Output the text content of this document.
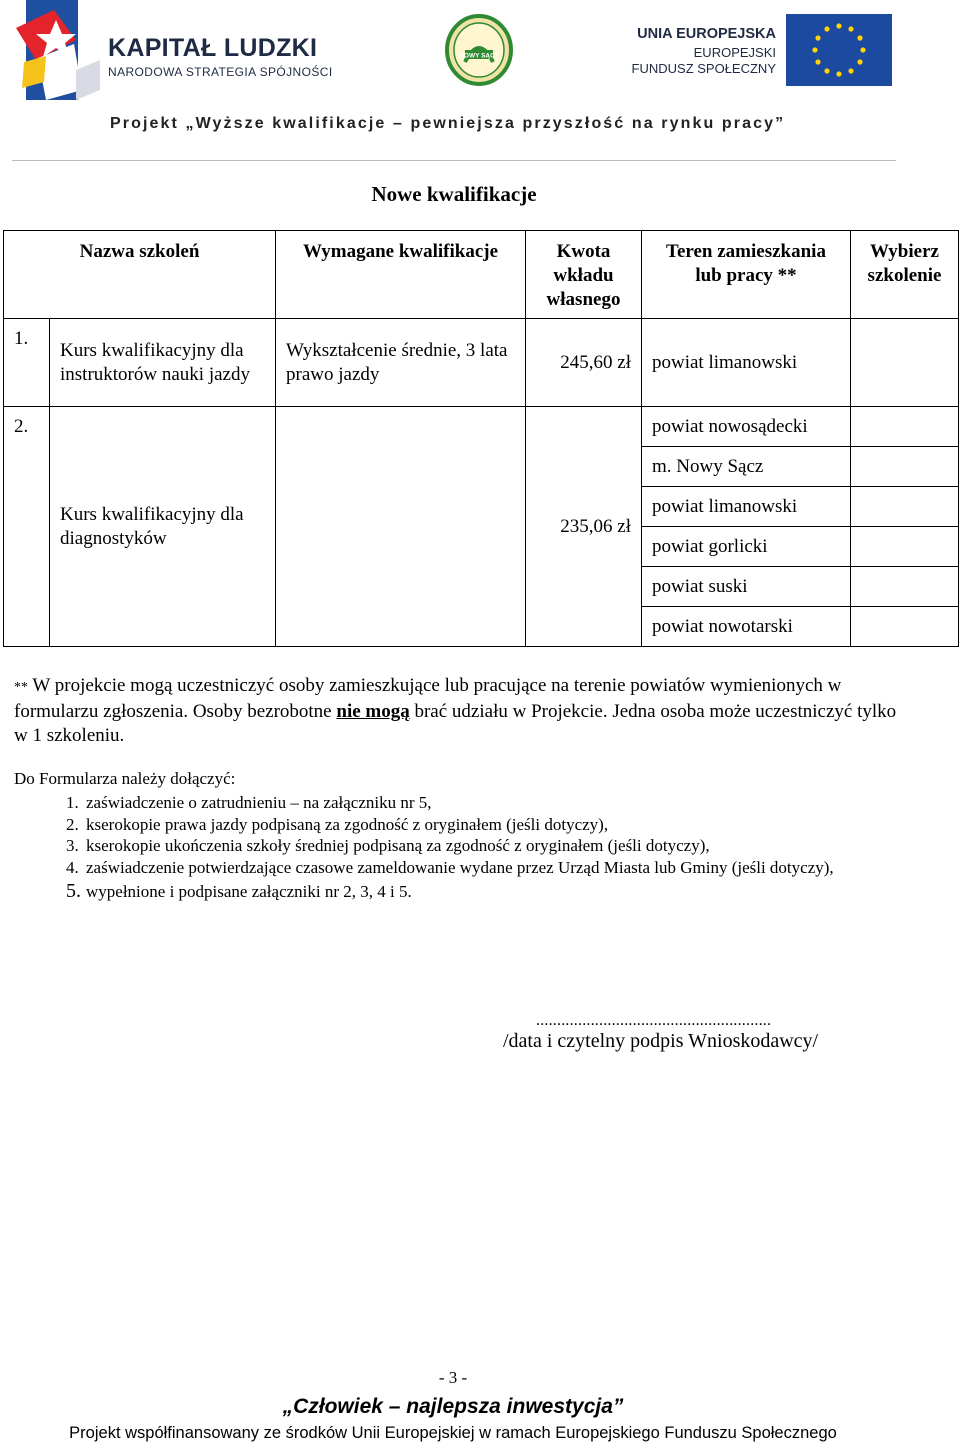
KAPITAŁ LUDZKI
NARODOWA STRATEGIA SPÓJNOŚCI
NOWY SĄCZ
UNIA EUROPEJSKA
EUROPEJSKI
FUNDUSZ SPOŁECZNY
Projekt „Wyższe kwalifikacje – pewniejsza przyszłość na rynku pracy”
Nowe kwalifikacje
Nazwa szkoleń		Wymagane kwalifikacje	Kwota wkładu własnego	Teren zamieszkania lub pracy **	Wybierz szkolenie
1.	Kurs kwalifikacyjny dla instruktorów nauki jazdy	Wykształcenie średnie, 3 lata prawo jazdy	245,60 zł	powiat limanowski	
2.	Kurs kwalifikacyjny dla diagnostyków		235,06 zł	powiat nowosądecki	
				m. Nowy Sącz	
				powiat limanowski	
				powiat gorlicki	
				powiat suski	
				powiat nowotarski	
** W projekcie mogą uczestniczyć osoby zamieszkujące lub pracujące na terenie powiatów wymienionych w formularzu zgłoszenia. Osoby bezrobotne nie mogą brać udziału w Projekcie. Jedna osoba może uczestniczyć tylko w 1 szkoleniu.
Do Formularza należy dołączyć:
1. zaświadczenie o zatrudnieniu – na załączniku nr 5,
2. kserokopie prawa jazdy podpisaną za zgodność z oryginałem (jeśli dotyczy),
3. kserokopie ukończenia szkoły średniej podpisaną za zgodność z oryginałem (jeśli dotyczy),
4. zaświadczenie potwierdzające czasowe zameldowanie wydane przez Urząd Miasta lub Gminy (jeśli dotyczy),
5. wypełnione i podpisane załączniki nr 2, 3, 4 i 5.
........................................................
/data i czytelny podpis Wnioskodawcy/
- 3 -
„Człowiek – najlepsza inwestycja”
Projekt współfinansowany ze środków Unii Europejskiej w ramach Europejskiego Funduszu Społecznego
